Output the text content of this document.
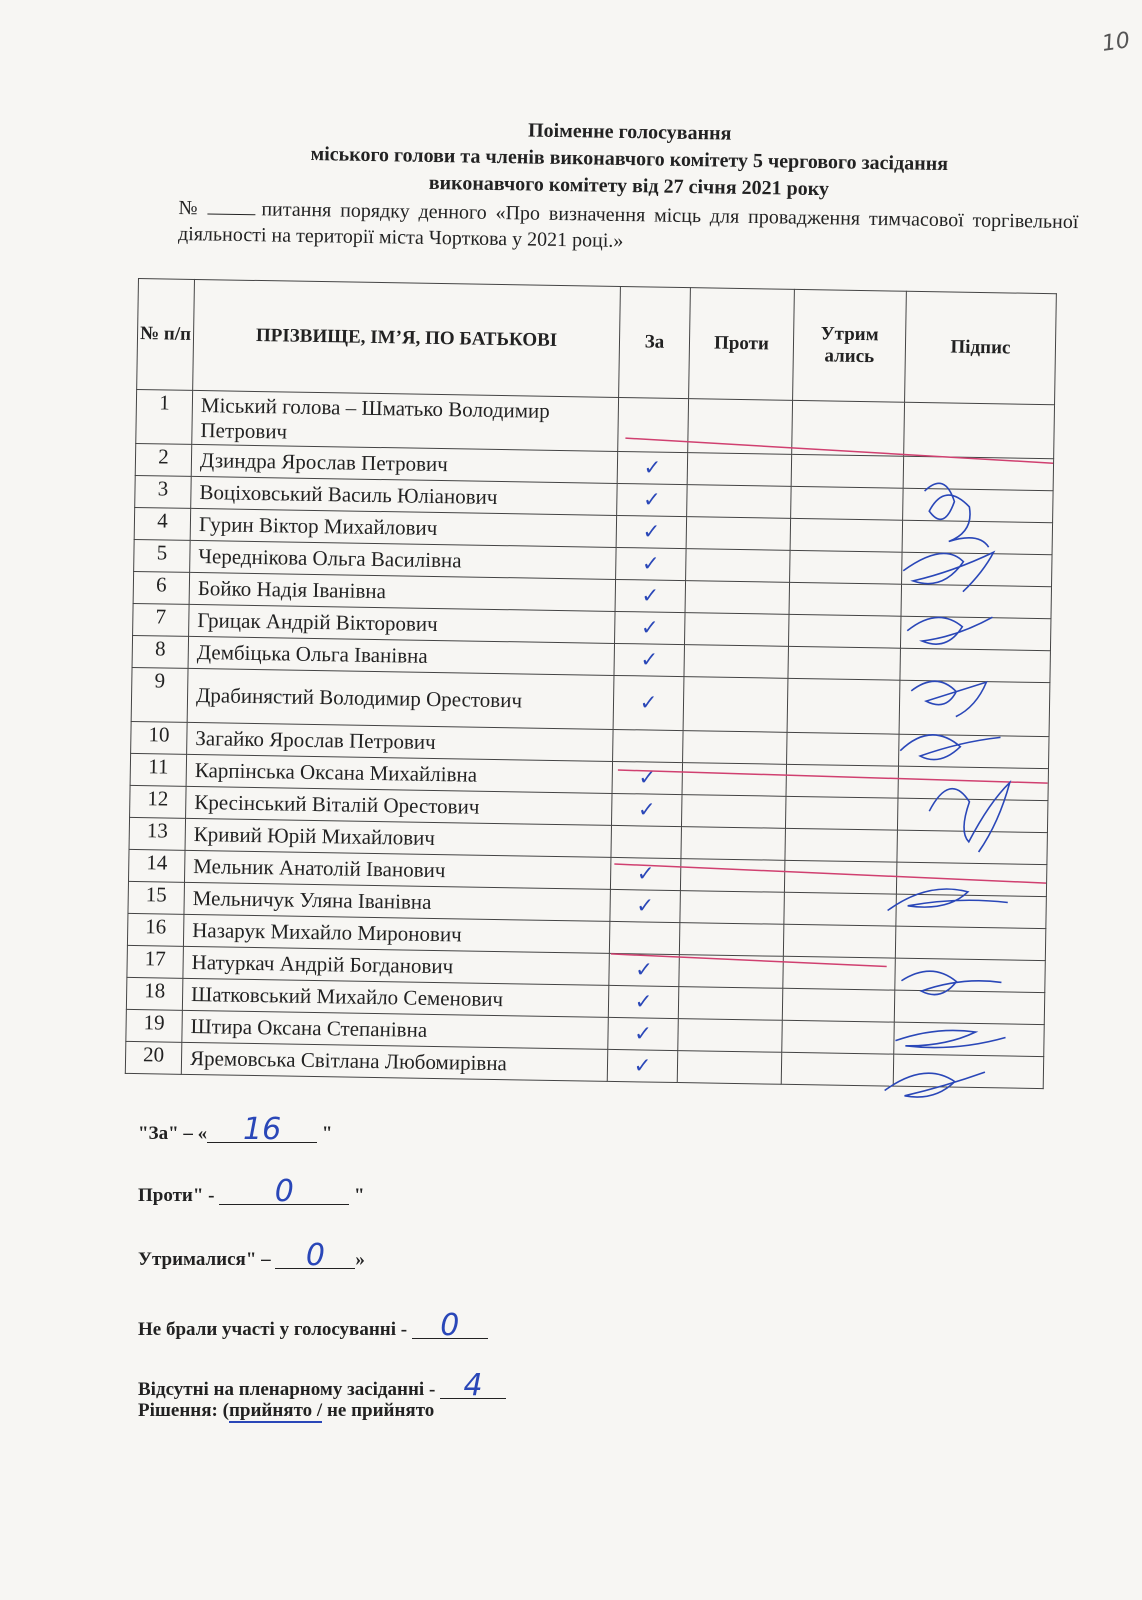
10
Поіменне голосування
міського голови та членів виконавчого комітету 5 чергового засідання
виконавчого комітету від 27 січня 2021 року
№	питання порядку денного «Про визначення місць для провадження тимчасової торгівельної діяльності на території міста Чорткова у 2021 році.»
№ п/п	ПРІЗВИЩЕ, ІМ’Я, ПО БАТЬКОВІ	За	Проти	Утрим ались	Підпис
1	Міський голова – Шматько Володимир Петрович				
2	Дзиндра Ярослав Петрович	✓			
3	Воціховський Василь Юліанович	✓			
4	Гурин Віктор Михайлович	✓			
5	Череднікова Ольга Василівна	✓			
6	Бойко Надія Іванівна	✓			
7	Грицак Андрій Вікторович	✓			
8	Дембіцька Ольга Іванівна	✓			
9	Драбинястий Володимир Орестович	✓			
10	Загайко Ярослав Петрович				
11	Карпінська Оксана Михайлівна	✓			
12	Кресінський Віталій Орестович	✓			
13	Кривий Юрій Михайлович				
14	Мельник Анатолій Іванович	✓			
15	Мельничук Уляна Іванівна	✓			
16	Назарук Михайло Миронович				
17	Натуркач Андрій Богданович	✓			
18	Шатковський Михайло Семенович	✓			
19	Штира Оксана Степанівна	✓			
20	Яремовська Світлана Любомирівна	✓			
"За" – « 16 "
Проти" - 0	"
Утрималися" – 0 »
Не брали участі у голосуванні - 0
Відсутні на пленарному засіданні - 4
Рішення: (прийнято / не прийнято
